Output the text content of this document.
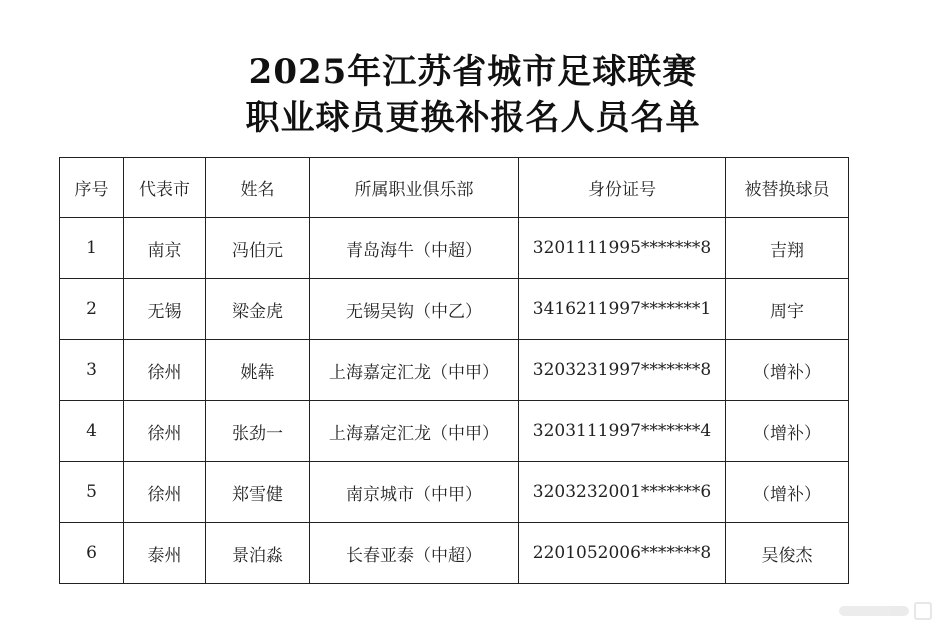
2025年江苏省城市足球联赛
职业球员更换补报名人员名单
序号	代表市	姓名	所属职业俱乐部	身份证号	被替换球员
1	南京	冯伯元	青岛海牛（中超）	3201111995*******8	吉翔
2	无锡	梁金虎	无锡吴钩（中乙）	3416211997*******1	周宇
3	徐州	姚犇	上海嘉定汇龙（中甲）	3203231997*******8	（增补）
4	徐州	张劲一	上海嘉定汇龙（中甲）	3203111997*******4	（增补）
5	徐州	郑雪健	南京城市（中甲）	3203232001*******6	（增补）
6	泰州	景泊淼	长春亚泰（中超）	2201052006*******8	吴俊杰
